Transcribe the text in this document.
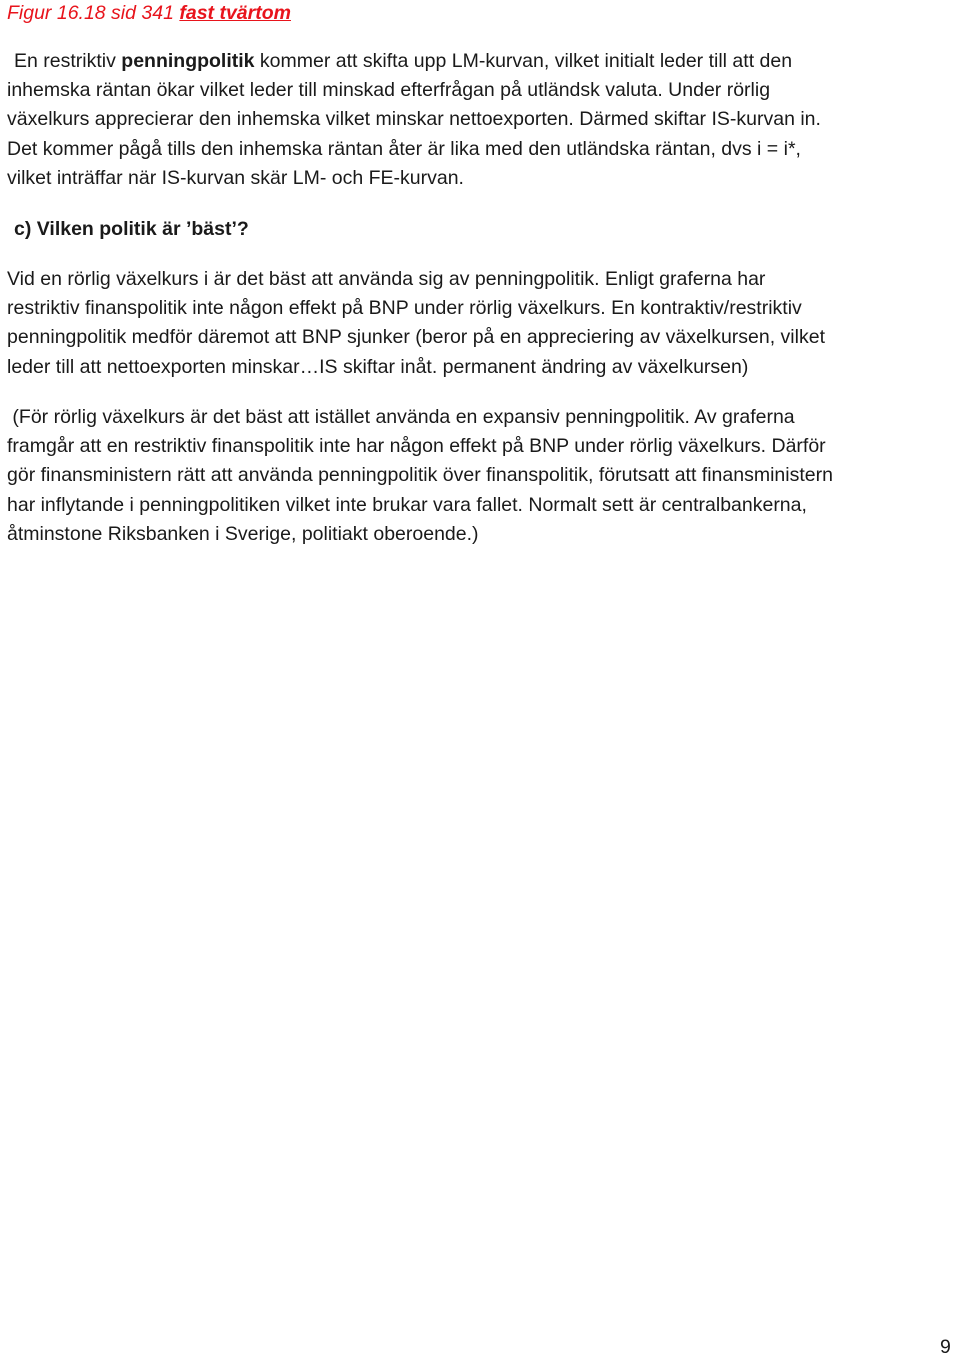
Figur 16.18 sid 341 fast tvärtom

En restriktiv penningpolitik kommer att skifta upp LM-kurvan, vilket initialt leder till att den
inhemska räntan ökar vilket leder till minskad efterfrågan på utländsk valuta. Under rörlig
växelkurs apprecierar den inhemska vilket minskar nettoexporten. Därmed skiftar IS-kurvan in.
Det kommer pågå tills den inhemska räntan åter är lika med den utländska räntan, dvs i = i*,
vilket inträffar när IS-kurvan skär LM- och FE-kurvan.

c) Vilken politik är ’bäst’?

Vid en rörlig växelkurs i är det bäst att använda sig av penningpolitik. Enligt graferna har
restriktiv finanspolitik inte någon effekt på BNP under rörlig växelkurs. En kontraktiv/restriktiv
penningpolitik medför däremot att BNP sjunker (beror på en appreciering av växelkursen, vilket
leder till att nettoexporten minskar…IS skiftar inåt. permanent ändring av växelkursen)

(För rörlig växelkurs är det bäst att istället använda en expansiv penningpolitik. Av graferna
framgår att en restriktiv finanspolitik inte har någon effekt på BNP under rörlig växelkurs. Därför
gör finansministern rätt att använda penningpolitik över finanspolitik, förutsatt att finansministern
har inflytande i penningpolitiken vilket inte brukar vara fallet. Normalt sett är centralbankerna,
åtminstone Riksbanken i Sverige, politiakt oberoende.)

9
